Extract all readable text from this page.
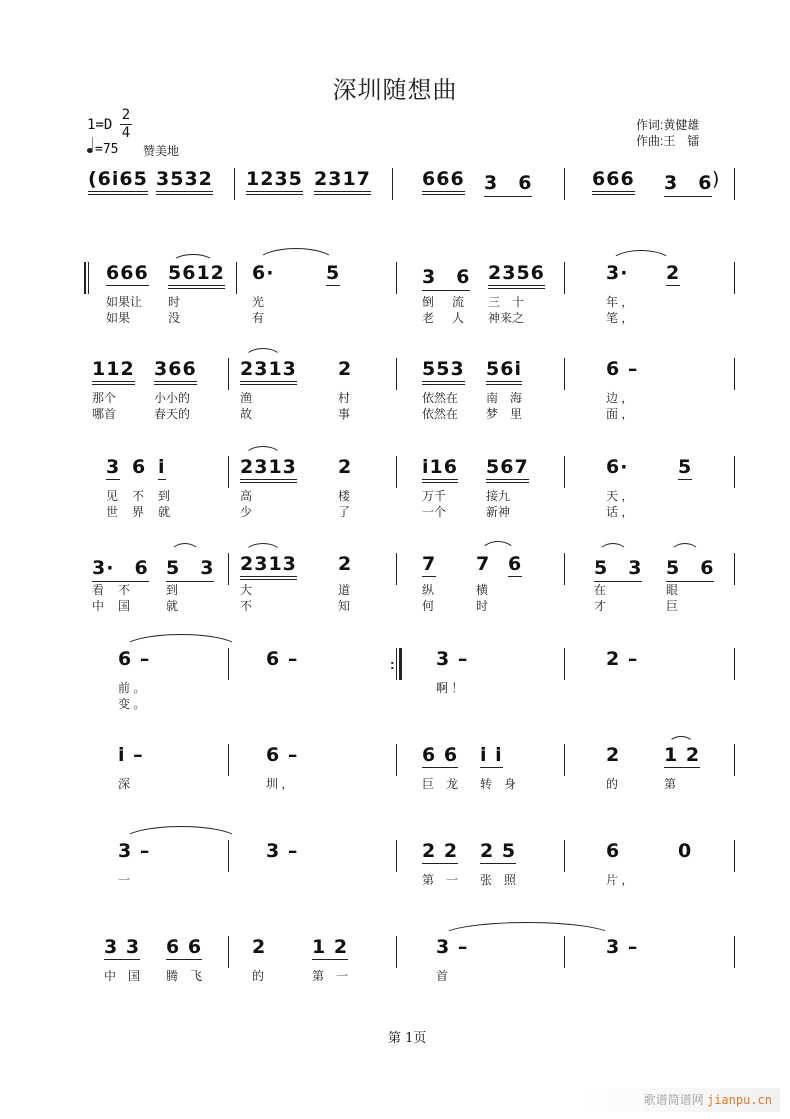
深圳随想曲
1=D
2
4
=75 赞美地
作词:黄健雄
作曲:王　镭
(6i65 3532 1235 2317	666 3　6	666 3　6 )
666 5612 6·	5	3　6 2356	3· 2
如果让 时	光	倒 流 三　十	年 ，
如果	没	有	老 人 神来之	笔 ，
112 366 2313 2	553 56i	6 –
那个	小小的	渔	村	依然在 南　海	边 ，
哪首	春天的	故	事	依然在 梦　里	面 ，
3 6 i	2313 2	i16 567	6·	5
见 不 到	高	楼	万千	接九	天 ，
世 界 就	少	了	一个	新神	话 ，
3·　6 5　3 2313 2	7 7 6	5　3 5　6
看 不	到	大	道	纵	横	在	眼
中 国	就	不	知	何	时	才	巨
6 –	6 –	: 3 –	2 –
前 。	啊 ！
变 。
i –	6 –	6 6 i i	2 1 2
深	圳 ，	巨　龙 转　身	的	第
3 –	3 –	2 2 2 5	6	0
一	第　一 张　照	片 ，
3 3 6 6	2 1 2	3 –	3 –
中　国 腾　飞	的	第　一	首
第 1页
歌谱简谱网 jianpu.cn
